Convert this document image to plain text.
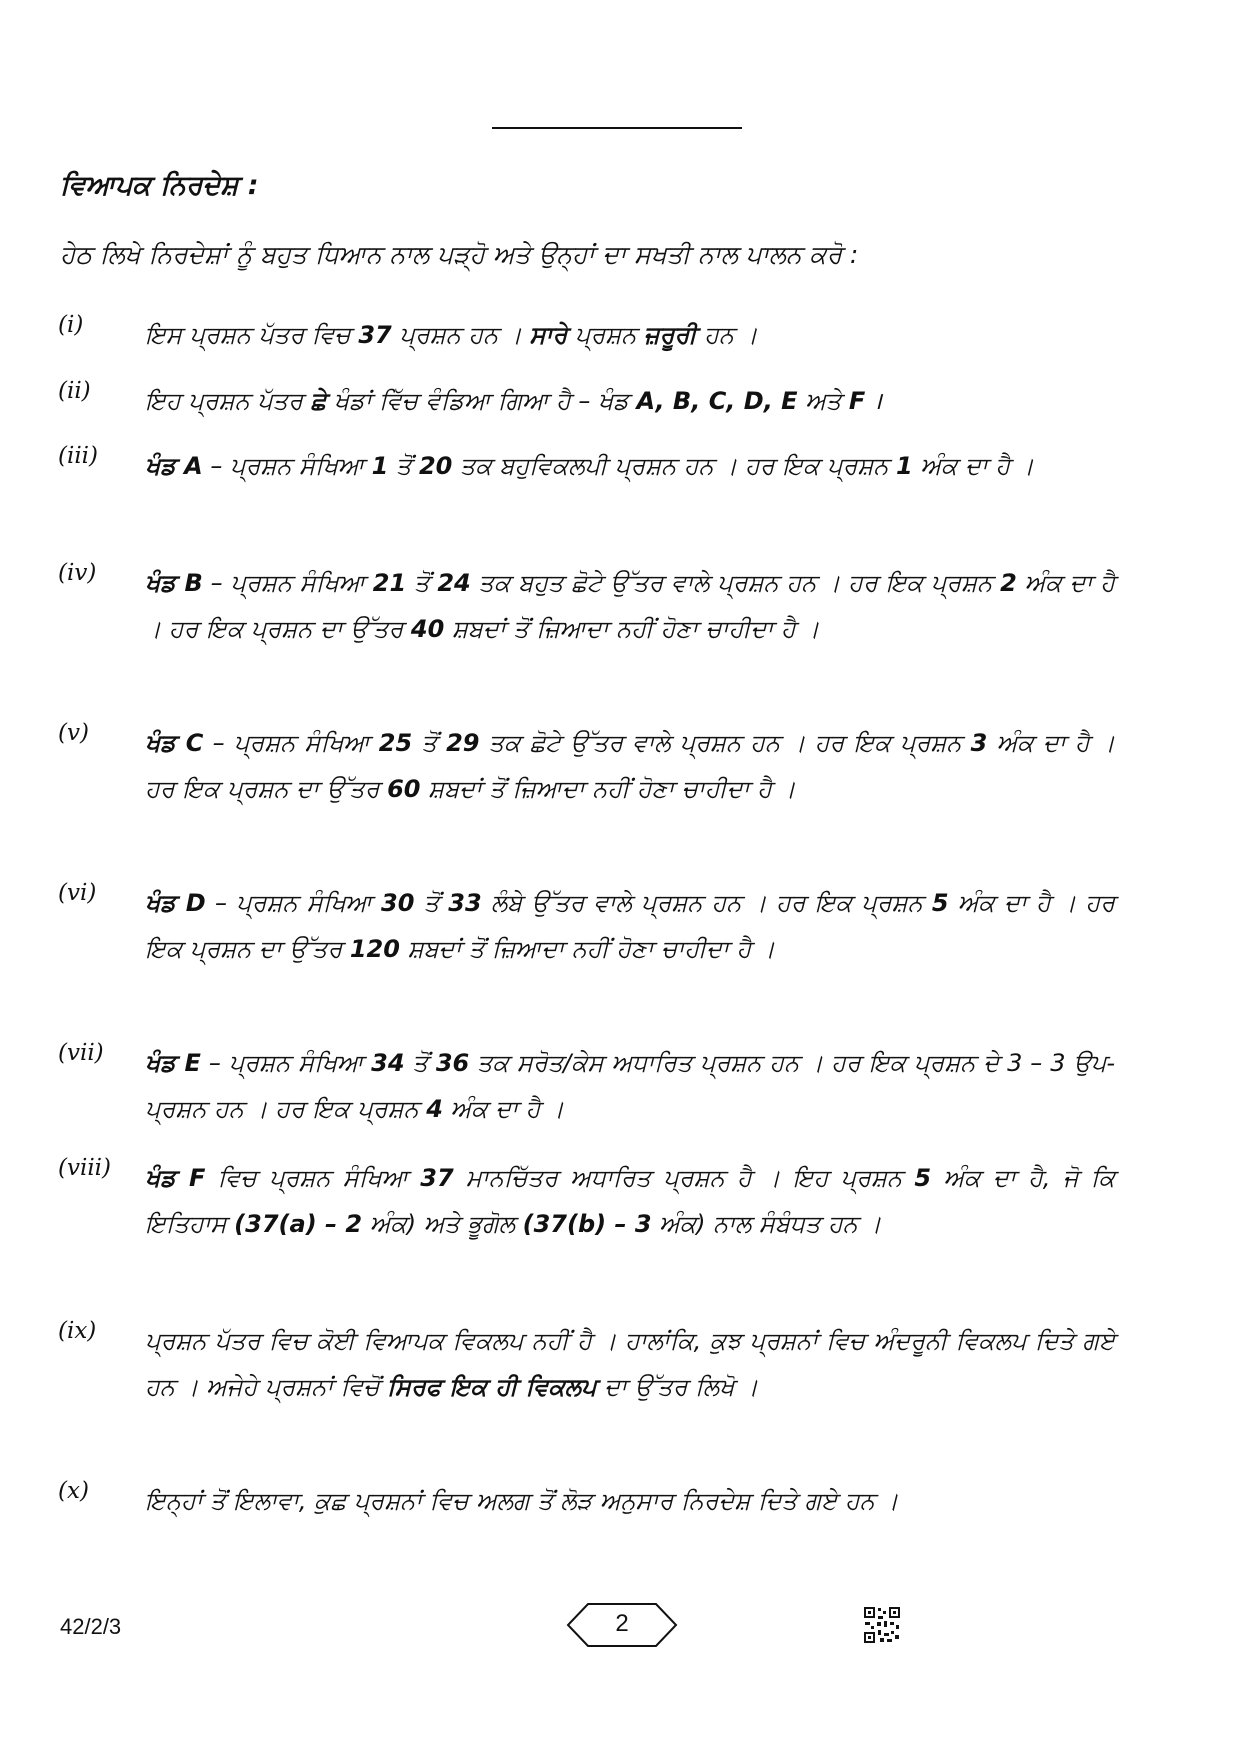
ਵਿਆਪਕ ਨਿਰਦੇਸ਼ :
ਹੇਠ ਲਿਖੇ ਨਿਰਦੇਸ਼ਾਂ ਨੂੰ ਬਹੁਤ ਧਿਆਨ ਨਾਲ ਪੜ੍ਹੋ ਅਤੇ ਉਨ੍ਹਾਂ ਦਾ ਸਖਤੀ ਨਾਲ ਪਾਲਨ ਕਰੋ :
(i)	ਇਸ ਪ੍ਰਸ਼ਨ ਪੱਤਰ ਵਿਚ 37 ਪ੍ਰਸ਼ਨ ਹਨ । ਸਾਰੇ ਪ੍ਰਸ਼ਨ ਜ਼ਰੂਰੀ ਹਨ ।
(ii) ਇਹ ਪ੍ਰਸ਼ਨ ਪੱਤਰ ਛੇ ਖੰਡਾਂ ਵਿੱਚ ਵੰਡਿਆ ਗਿਆ ਹੈ – ਖੰਡ A, B, C, D, E ਅਤੇ F ।
(iii) ਖੰਡ A – ਪ੍ਰਸ਼ਨ ਸੰਖਿਆ 1 ਤੋਂ 20 ਤਕ ਬਹੁਵਿਕਲਪੀ ਪ੍ਰਸ਼ਨ ਹਨ । ਹਰ ਇਕ ਪ੍ਰਸ਼ਨ 1 ਅੰਕ ਦਾ ਹੈ ।
(iv) ਖੰਡ B – ਪ੍ਰਸ਼ਨ ਸੰਖਿਆ 21 ਤੋਂ 24 ਤਕ ਬਹੁਤ ਛੋਟੇ ਉੱਤਰ ਵਾਲੇ ਪ੍ਰਸ਼ਨ ਹਨ । ਹਰ ਇਕ ਪ੍ਰਸ਼ਨ 2 ਅੰਕ ਦਾ ਹੈ । ਹਰ ਇਕ ਪ੍ਰਸ਼ਨ ਦਾ ਉੱਤਰ 40 ਸ਼ਬਦਾਂ ਤੋਂ ਜ਼ਿਆਦਾ ਨਹੀਂ ਹੋਣਾ ਚਾਹੀਦਾ ਹੈ ।
(v) ਖੰਡ C – ਪ੍ਰਸ਼ਨ ਸੰਖਿਆ 25 ਤੋਂ 29 ਤਕ ਛੋਟੇ ਉੱਤਰ ਵਾਲੇ ਪ੍ਰਸ਼ਨ ਹਨ । ਹਰ ਇਕ ਪ੍ਰਸ਼ਨ 3 ਅੰਕ ਦਾ ਹੈ । ਹਰ ਇਕ ਪ੍ਰਸ਼ਨ ਦਾ ਉੱਤਰ 60 ਸ਼ਬਦਾਂ ਤੋਂ ਜ਼ਿਆਦਾ ਨਹੀਂ ਹੋਣਾ ਚਾਹੀਦਾ ਹੈ ।
(vi) ਖੰਡ D – ਪ੍ਰਸ਼ਨ ਸੰਖਿਆ 30 ਤੋਂ 33 ਲੰਬੇ ਉੱਤਰ ਵਾਲੇ ਪ੍ਰਸ਼ਨ ਹਨ । ਹਰ ਇਕ ਪ੍ਰਸ਼ਨ 5 ਅੰਕ ਦਾ ਹੈ । ਹਰ ਇਕ ਪ੍ਰਸ਼ਨ ਦਾ ਉੱਤਰ 120 ਸ਼ਬਦਾਂ ਤੋਂ ਜ਼ਿਆਦਾ ਨਹੀਂ ਹੋਣਾ ਚਾਹੀਦਾ ਹੈ ।
(vii) ਖੰਡ E – ਪ੍ਰਸ਼ਨ ਸੰਖਿਆ 34 ਤੋਂ 36 ਤਕ ਸਰੋਤ/ਕੇਸ ਅਧਾਰਿਤ ਪ੍ਰਸ਼ਨ ਹਨ । ਹਰ ਇਕ ਪ੍ਰਸ਼ਨ ਦੇ 3 – 3 ਉਪ-ਪ੍ਰਸ਼ਨ ਹਨ । ਹਰ ਇਕ ਪ੍ਰਸ਼ਨ 4 ਅੰਕ ਦਾ ਹੈ ।
(viii) ਖੰਡ F ਵਿਚ ਪ੍ਰਸ਼ਨ ਸੰਖਿਆ 37 ਮਾਨਚਿੱਤਰ ਅਧਾਰਿਤ ਪ੍ਰਸ਼ਨ ਹੈ । ਇਹ ਪ੍ਰਸ਼ਨ 5 ਅੰਕ ਦਾ ਹੈ, ਜੋ ਕਿ ਇਤਿਹਾਸ (37(a) – 2 ਅੰਕ) ਅਤੇ ਭੂਗੋਲ (37(b) – 3 ਅੰਕ) ਨਾਲ ਸੰਬੰਧਤ ਹਨ ।
(ix) ਪ੍ਰਸ਼ਨ ਪੱਤਰ ਵਿਚ ਕੋਈ ਵਿਆਪਕ ਵਿਕਲਪ ਨਹੀਂ ਹੈ । ਹਾਲਾਂਕਿ, ਕੁਝ ਪ੍ਰਸ਼ਨਾਂ ਵਿਚ ਅੰਦਰੂਨੀ ਵਿਕਲਪ ਦਿਤੇ ਗਏ ਹਨ । ਅਜੇਹੇ ਪ੍ਰਸ਼ਨਾਂ ਵਿਚੋਂ ਸਿਰਫ ਇਕ ਹੀ ਵਿਕਲਪ ਦਾ ਉੱਤਰ ਲਿਖੋ ।
(x) ਇਨ੍ਹਾਂ ਤੋਂ ਇਲਾਵਾ, ਕੁਛ ਪ੍ਰਸ਼ਨਾਂ ਵਿਚ ਅਲਗ ਤੋਂ ਲੋੜ ਅਨੁਸਾਰ ਨਿਰਦੇਸ਼ ਦਿਤੇ ਗਏ ਹਨ ।
42/2/3	2
